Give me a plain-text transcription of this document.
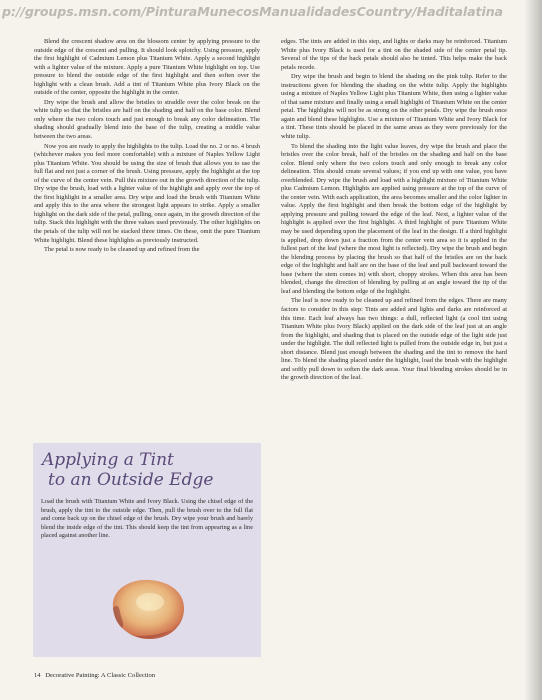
p://groups.msn.com/PinturaMunecosManualidadesCountry/Haditalatina

Blend the crescent shadow area on the blossom center by applying pressure to the outside edge of the crescent and pulling. It should look splotchy. Using pressure, apply the first highlight of Cadmium Lemon plus Titanium White. Apply a second highlight with a lighter value of the mixture. Apply a pure Titanium White highlight on top. Use pressure to blend the outside edge of the first highlight and then soften over the highlight with a clean brush. Add a tint of Titanium White plus Ivory Black on the outside of the center, opposite the highlight in the center.

Dry wipe the brush and allow the bristles to straddle over the color break on the white tulip so that the bristles are half on the shading and half on the base color. Blend only where the two colors touch and just enough to break any color delineation. The shading should gradually blend into the base of the tulip, creating a middle value between the two areas.

Now you are ready to apply the highlights to the tulip. Load the no. 2 or no. 4 brush (whichever makes you feel more comfortable) with a mixture of Naples Yellow Light plus Titanium White. You should be using the size of brush that allows you to use the full flat and not just a corner of the brush. Using pressure, apply the highlight at the top of the curve of the center vein. Pull this mixture out in the growth direction of the tulip. Dry wipe the brush, load with a lighter value of the highlight and apply over the top of the first highlight in a smaller area. Dry wipe and load the brush with Titanium White and apply this to the area where the strongest light appears to strike. Apply a smaller highlight on the dark side of the petal, pulling, once again, in the growth direction of the tulip. Stack this highlight with the three values used previously. The other highlights on the petals of the tulip will not be stacked three times. On these, omit the pure Titanium White highlight. Blend these highlights as previously instructed.

The petal is now ready to be cleaned up and refined from the

Applying a Tint
to an Outside Edge

Load the brush with Titanium White and Ivory Black. Using the chisel edge of the brush, apply the tint to the outside edge. Then, pull the brush over to the full flat and come back up on the chisel edge of the brush. Dry wipe your brush and barely blend the inside edge of the tint. This should keep the tint from appearing as a line placed against another line.

edges. The tints are added in this step, and lights or darks may be reinforced. Titanium White plus Ivory Black is used for a tint on the shaded side of the center petal tip. Several of the tips of the back petals should also be tinted. This helps make the back petals recede.

Dry wipe the brush and begin to blend the shading on the pink tulip. Refer to the instructions given for blending the shading on the white tulip. Apply the highlights using a mixture of Naples Yellow Light plus Titanium White, then using a lighter value of that same mixture and finally using a small highlight of Titanium White on the center petal. The highlights will not be as strong on the other petals. Dry wipe the brush once again and blend these highlights. Use a mixture of Titanium White and Ivory Black for a tint. These tints should be placed in the same areas as they were previously for the white tulip.

To blend the shading into the light value leaves, dry wipe the brush and place the bristles over the color break, half of the bristles on the shading and half on the base color. Blend only where the two colors touch and only enough to break any color delineation. This should create several values; if you end up with one value, you have overblended. Dry wipe the brush and load with a highlight mixture of Titanium White plus Cadmium Lemon. Highlights are applied using pressure at the top of the curve of the center vein. With each application, the area becomes smaller and the color lighter in value. Apply the first highlight and then break the bottom edge of the highlight by applying pressure and pulling toward the edge of the leaf. Next, a lighter value of the highlight is applied over the first highlight. A third highlight of pure Titanium White may be used depending upon the placement of the leaf in the design. If a third highlight is applied, drop down just a fraction from the center vein area so it is applied in the fullest part of the leaf (where the most light is reflected). Dry wipe the brush and begin the blending process by placing the brush so that half of the bristles are on the back edge of the highlight and half are on the base of the leaf and pull backward toward the base (where the stem comes in) with short, choppy strokes. When this area has been blended, change the direction of blending by pulling at an angle toward the tip of the leaf and blending the bottom edge of the highlight.

The leaf is now ready to be cleaned up and refined from the edges. There are many factors to consider in this step: Tints are added and lights and darks are reinforced at this time. Each leaf always has two things: a dull, reflected light (a cool tint using Titanium White plus Ivory Black) applied on the dark side of the leaf just at an angle from the highlight, and shading that is placed on the outside edge of the light side just under the highlight. The dull reflected light is pulled from the outside edge in, but just a short distance. Blend just enough between the shading and the tint to remove the hard line. To blend the shading placed under the highlight, load the brush with the highlight and softly pull down to soften the dark areas. Your final blending strokes should be in the growth direction of the leaf.

14 Decorative Painting: A Classic Collection
